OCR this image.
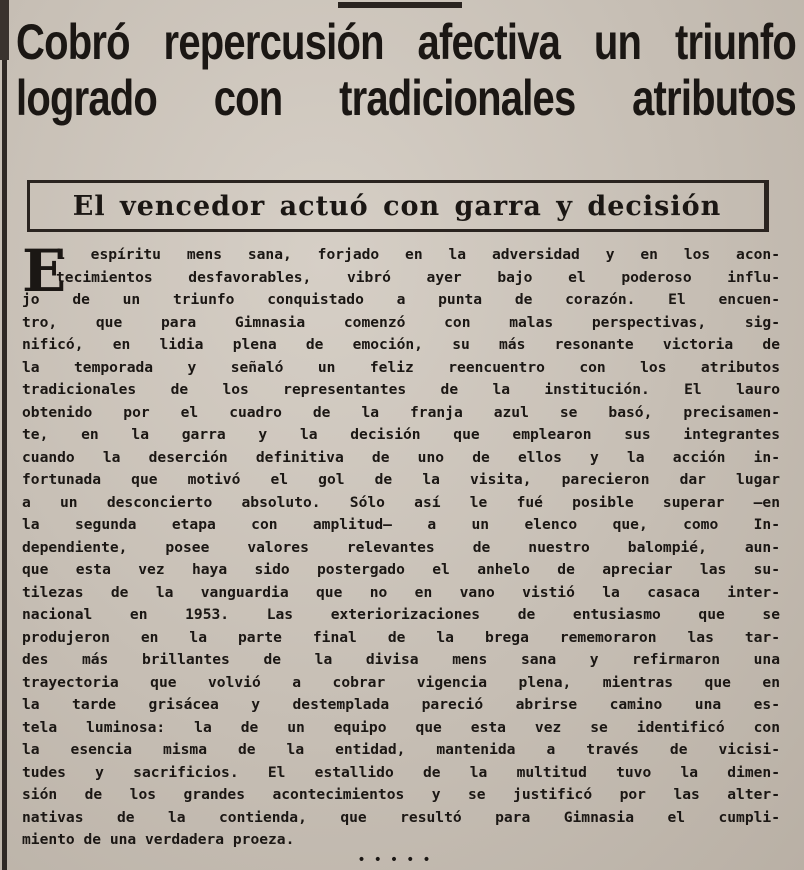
Cobró repercusión afectiva un triunfo
logrado con tradicionales atributos
El vencedor actuó con garra y decisión
E
L espíritu mens sana, forjado en la adversidad y en los acon-
tecimientos desfavorables, vibró ayer bajo el poderoso influ-
jo de un triunfo conquistado a punta de corazón. El encuen-
tro, que para Gimnasia comenzó con malas perspectivas, sig-
nificó, en lidia plena de emoción, su más resonante victoria de
la temporada y señaló un feliz reencuentro con los atributos
tradicionales de los representantes de la institución. El lauro
obtenido por el cuadro de la franja azul se basó, precisamen-
te, en la garra y la decisión que emplearon sus integrantes
cuando la deserción definitiva de uno de ellos y la acción in-
fortunada que motivó el gol de la visita, parecieron dar lugar
a un desconcierto absoluto. Sólo así le fué posible superar —en
la segunda etapa con amplitud— a un elenco que, como In-
dependiente, posee valores relevantes de nuestro balompié, aun-
que esta vez haya sido postergado el anhelo de apreciar las su-
tilezas de la vanguardia que no en vano vistió la casaca inter-
nacional en 1953. Las exteriorizaciones de entusiasmo que se
produjeron en la parte final de la brega rememoraron las tar-
des más brillantes de la divisa mens sana y refirmaron una
trayectoria que volvió a cobrar vigencia plena, mientras que en
la tarde grisácea y destemplada pareció abrirse camino una es-
tela luminosa: la de un equipo que esta vez se identificó con
la esencia misma de la entidad, mantenida a través de vicisi-
tudes y sacrificios. El estallido de la multitud tuvo la dimen-
sión de los grandes acontecimientos y se justificó por las alter-
nativas de la contienda, que resultó para Gimnasia el cumpli-
miento de una verdadera proeza.
•••••
